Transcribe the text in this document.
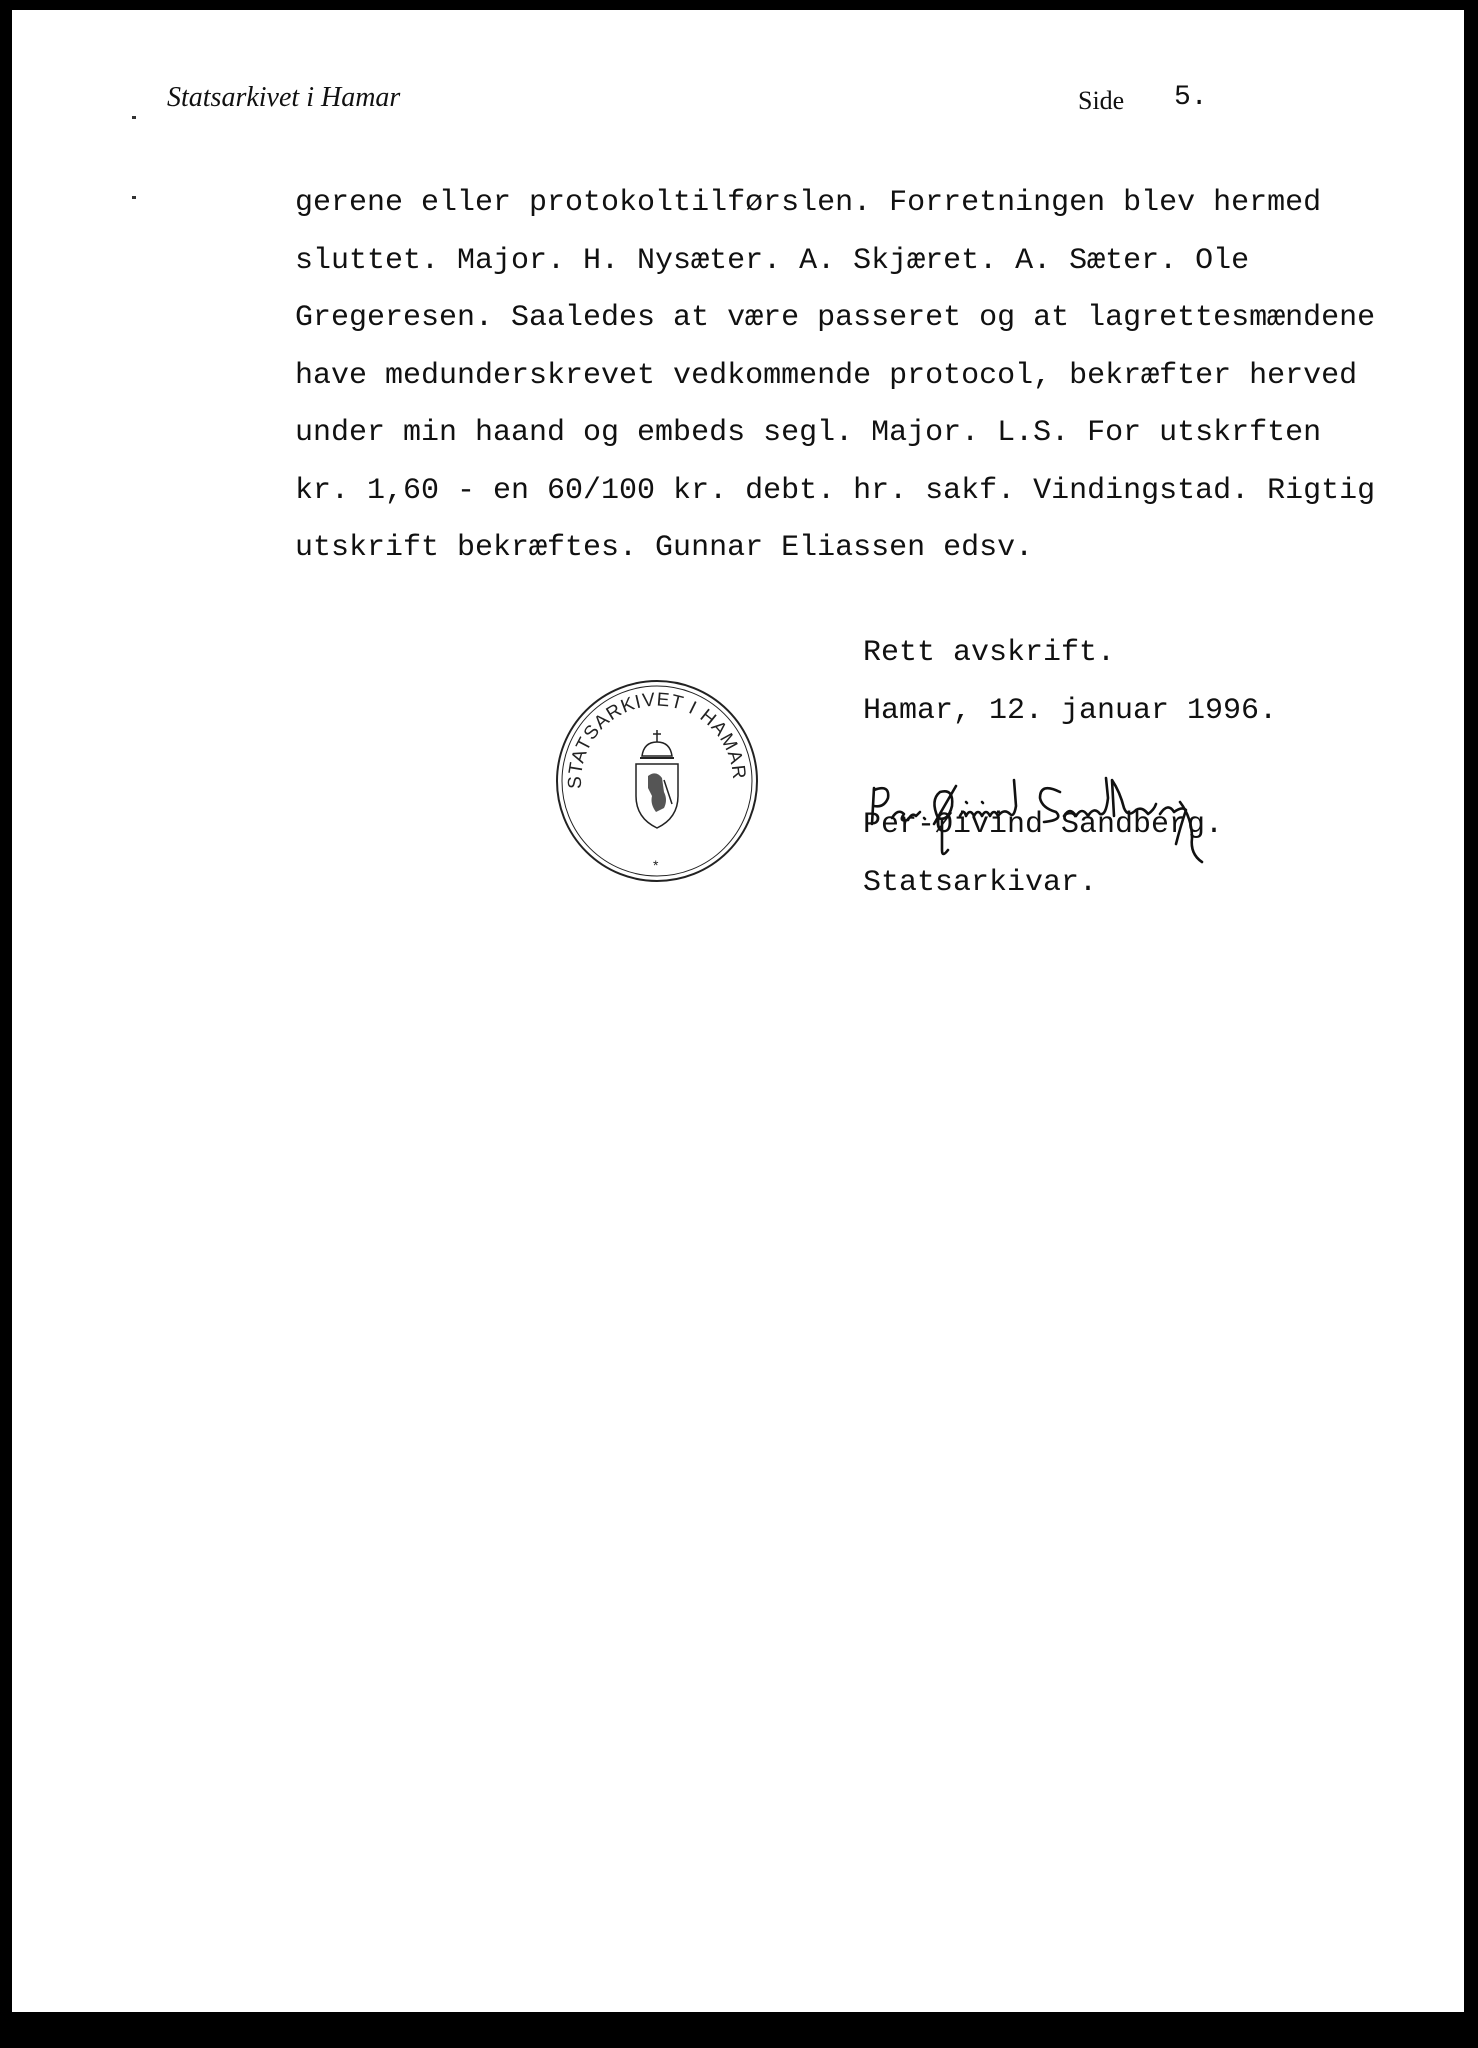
Statsarkivet i Hamar	Side 5.
gerene eller protokoltilførslen. Forretningen blev hermed
sluttet. Major. H. Nysæter. A. Skjæret. A. Sæter. Ole
Gregeresen. Saaledes at være passeret og at lagrettesmændene
have medunderskrevet vedkommende protocol, bekræfter herved
under min haand og embeds segl. Major. L.S. For utskrften
kr. 1,60 - en 60/100 kr. debt. hr. sakf. Vindingstad. Rigtig
utskrift bekræftes. Gunnar Eliassen edsv.
STATSARKIVET I HAMAR
*
Rett avskrift.
Hamar, 12. januar 1996.
Per-Øivind Sandberg.
Statsarkivar.
